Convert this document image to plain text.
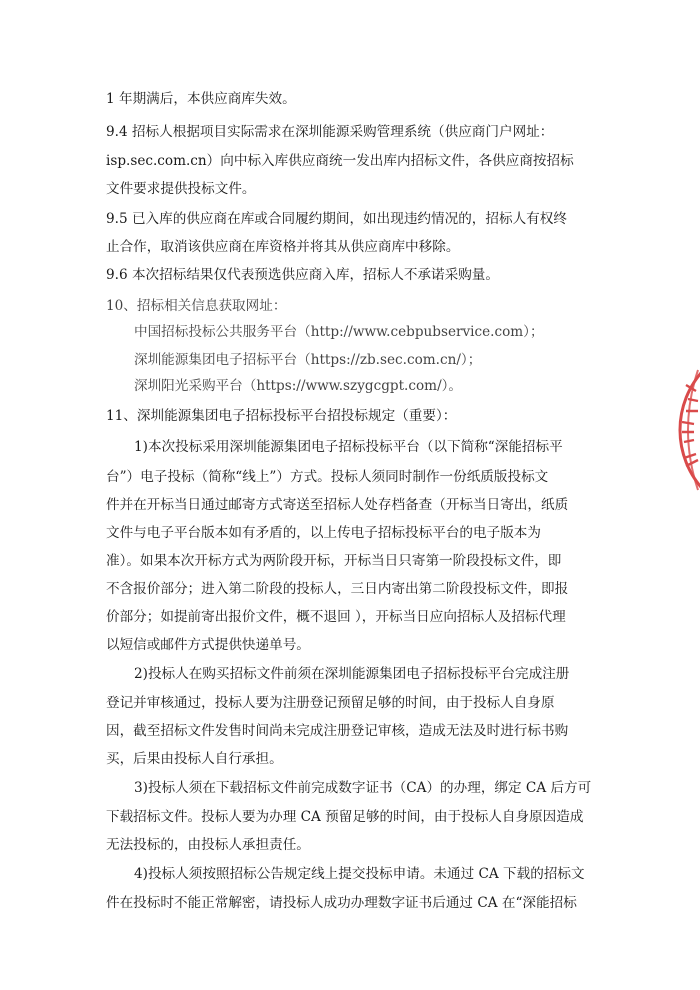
1 年期满后，本供应商库失效。
9.4 招标人根据项目实际需求在深圳能源采购管理系统（供应商门户网址：
isp.sec.com.cn）向中标入库供应商统一发出库内招标文件，各供应商按招标
文件要求提供投标文件。
9.5 已入库的供应商在库或合同履约期间，如出现违约情况的，招标人有权终
止合作，取消该供应商在库资格并将其从供应商库中移除。
9.6 本次招标结果仅代表预选供应商入库，招标人不承诺采购量。
10、招标相关信息获取网址：
中国招标投标公共服务平台（http://www.cebpubservice.com）；
深圳能源集团电子招标平台（https://zb.sec.com.cn/）；
深圳阳光采购平台（https://www.szygcgpt.com/）。
11、深圳能源集团电子招标投标平台招投标规定（重要）：
1)本次投标采用深圳能源集团电子招标投标平台（以下简称“深能招标平
台”）电子投标（简称“线上”）方式。投标人须同时制作一份纸质版投标文
件并在开标当日通过邮寄方式寄送至招标人处存档备查（开标当日寄出，纸质
文件与电子平台版本如有矛盾的，以上传电子招标投标平台的电子版本为
准）。如果本次开标方式为两阶段开标，开标当日只寄第一阶段投标文件，即
不含报价部分；进入第二阶段的投标人，三日内寄出第二阶段投标文件，即报
价部分；如提前寄出报价文件，概不退回 ），开标当日应向招标人及招标代理
以短信或邮件方式提供快递单号。
2)投标人在购买招标文件前须在深圳能源集团电子招标投标平台完成注册
登记并审核通过，投标人要为注册登记预留足够的时间，由于投标人自身原
因，截至招标文件发售时间尚未完成注册登记审核，造成无法及时进行标书购
买，后果由投标人自行承担。
3)投标人须在下载招标文件前完成数字证书（CA）的办理，绑定 CA 后方可
下载招标文件。投标人要为办理 CA 预留足够的时间，由于投标人自身原因造成
无法投标的，由投标人承担责任。
4)投标人须按照招标公告规定线上提交投标申请。未通过 CA 下载的招标文
件在投标时不能正常解密，请投标人成功办理数字证书后通过 CA 在“深能招标
